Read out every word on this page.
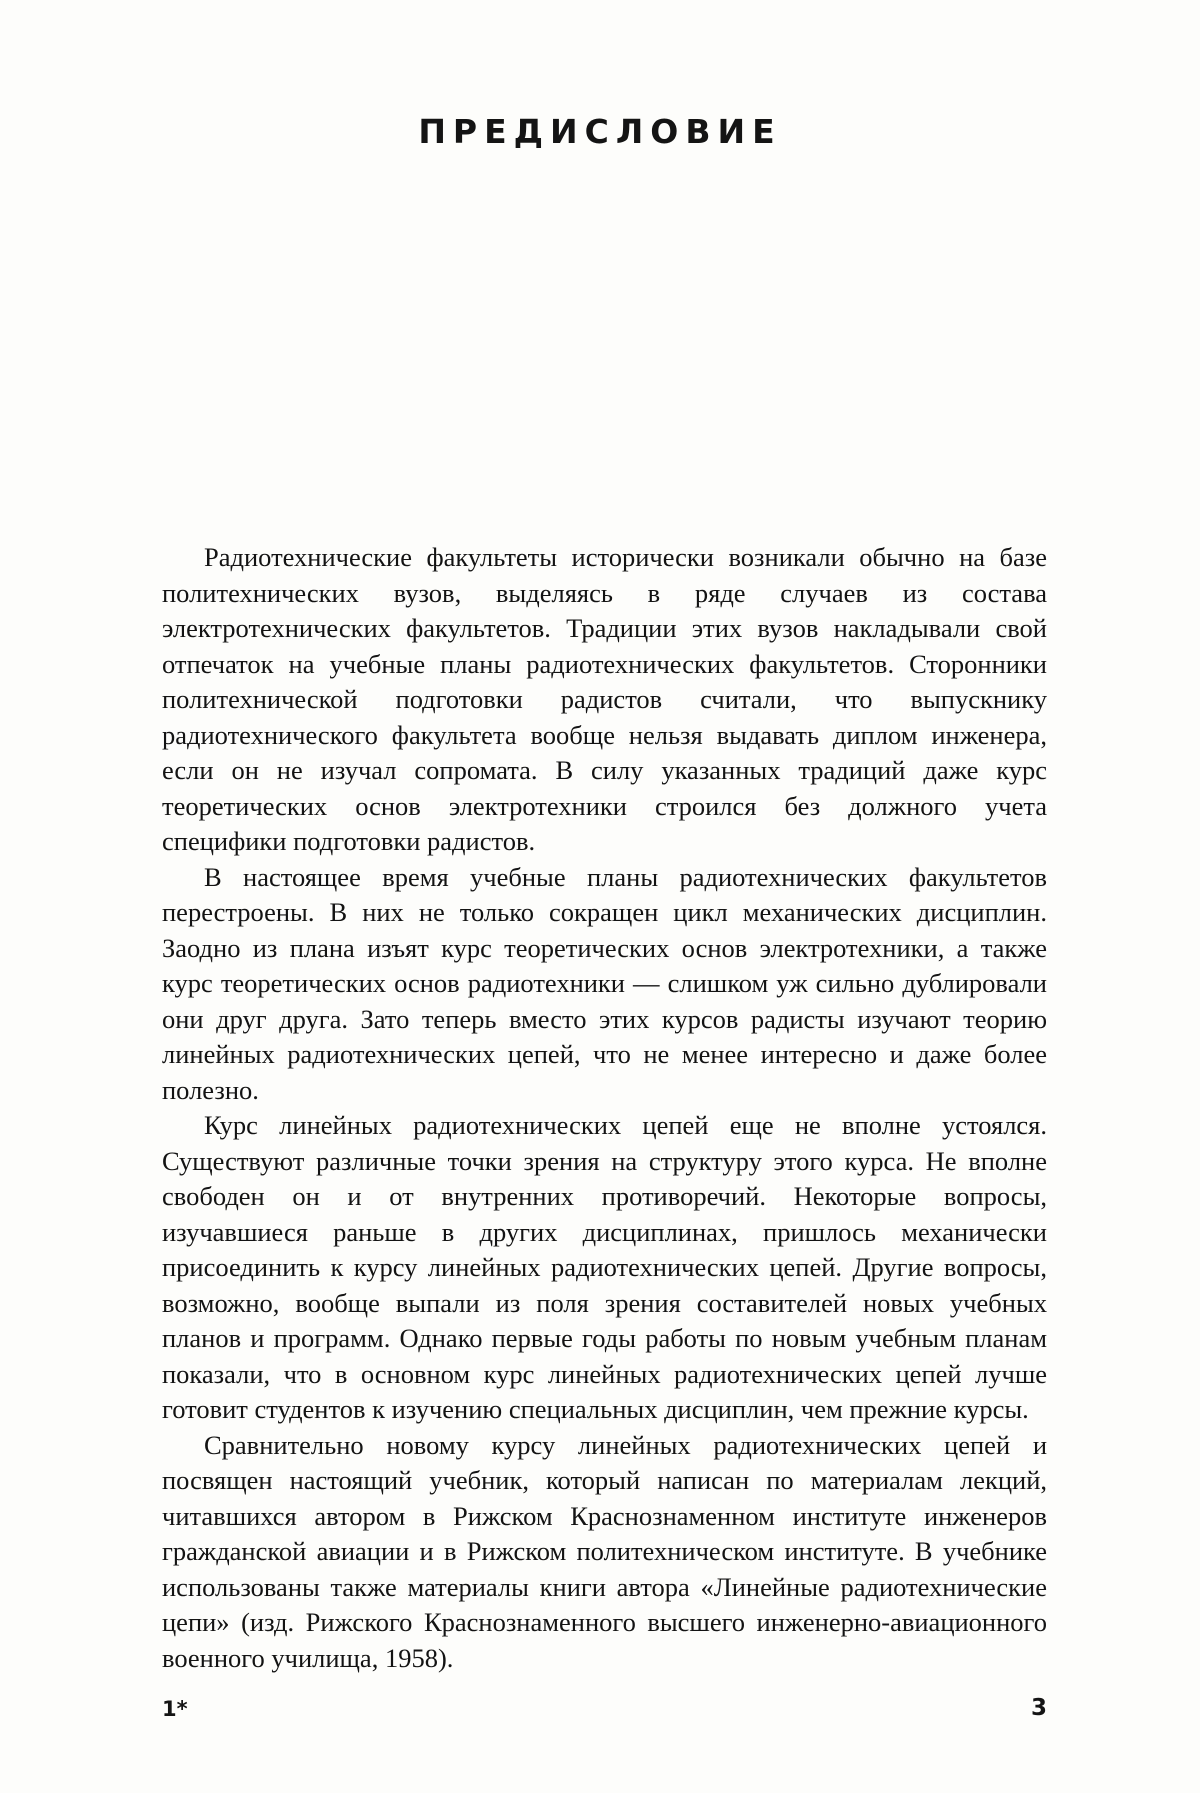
ПРЕДИСЛОВИЕ

Радиотехнические факультеты исторически возникали обычно на базе политехнических вузов, выделяясь в ряде случаев из состава электротехнических факультетов. Традиции этих вузов накладывали свой отпечаток на учебные планы радиотехнических факультетов. Сторонники политехнической подготовки радистов считали, что выпускнику радиотехнического факультета вообще нельзя выдавать диплом инженера, если он не изучал сопромата. В силу указанных традиций даже курс теоретических основ электротехники строился без должного учета специфики подготовки радистов.

В настоящее время учебные планы радиотехнических факультетов перестроены. В них не только сокращен цикл механических дисциплин. Заодно из плана изъят курс теоретических основ электротехники, а также курс теоретических основ радиотехники — слишком уж сильно дублировали они друг друга. Зато теперь вместо этих курсов радисты изучают теорию линейных радиотехнических цепей, что не менее интересно и даже более полезно.

Курс линейных радиотехнических цепей еще не вполне устоялся. Существуют различные точки зрения на структуру этого курса. Не вполне свободен он и от внутренних противоречий. Некоторые вопросы, изучавшиеся раньше в других дисциплинах, пришлось механически присоединить к курсу линейных радиотехнических цепей. Другие вопросы, возможно, вообще выпали из поля зрения составителей новых учебных планов и программ. Однако первые годы работы по новым учебным планам показали, что в основном курс линейных радиотехнических цепей лучше готовит студентов к изучению специальных дисциплин, чем прежние курсы.

Сравнительно новому курсу линейных радиотехнических цепей и посвящен настоящий учебник, который написан по материалам лекций, читавшихся автором в Рижском Краснознаменном институте инженеров гражданской авиации и в Рижском политехническом институте. В учебнике использованы также материалы книги автора «Линейные радиотехнические цепи» (изд. Рижского Краснознаменного высшего инженерно-авиационного военного училища, 1958).

1*	3
